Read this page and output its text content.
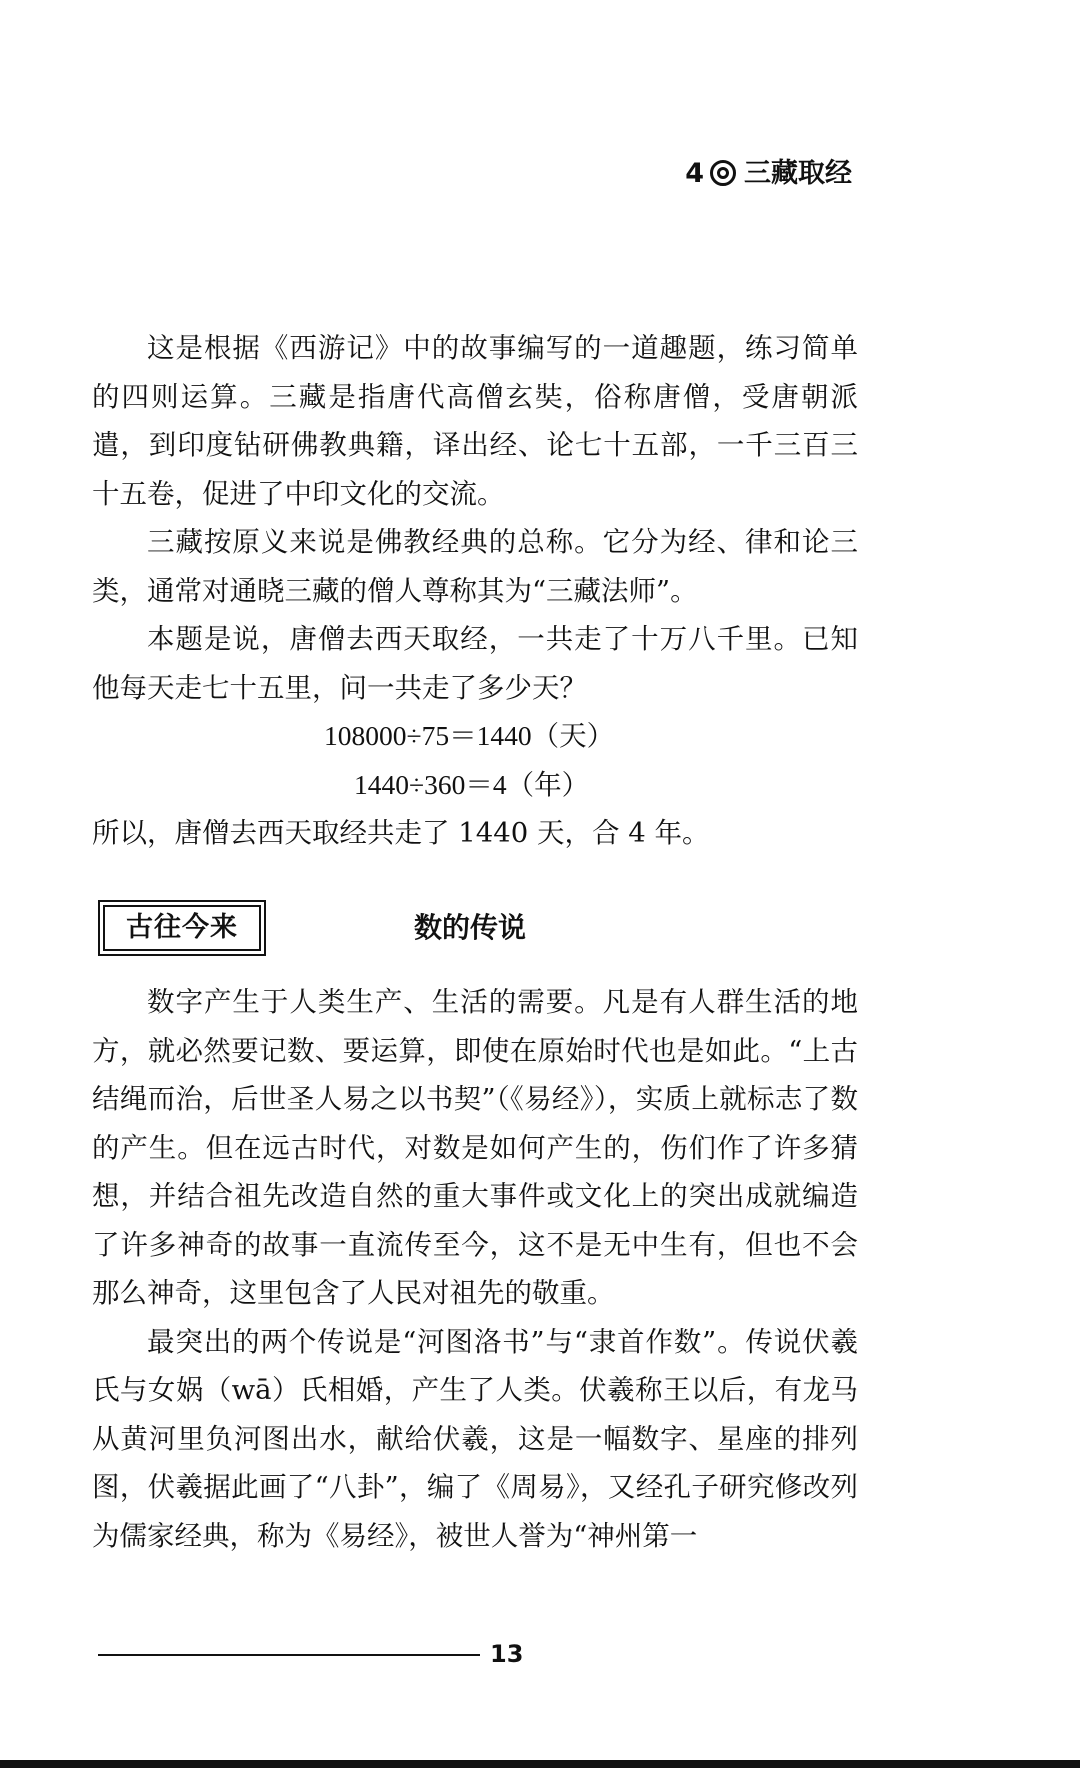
4 三藏取经

这是根据《西游记》中的故事编写的一道趣题，练习简单的四则运算。三藏是指唐代高僧玄奘，俗称唐僧，受唐朝派遣，到印度钻研佛教典籍，译出经、论七十五部，一千三百三十五卷，促进了中印文化的交流。

三藏按原义来说是佛教经典的总称。它分为经、律和论三类，通常对通晓三藏的僧人尊称其为“三藏法师”。

本题是说，唐僧去西天取经，一共走了十万八千里。已知他每天走七十五里，问一共走了多少天？

108000÷75＝1440（天）

1440÷360＝4（年）

所以，唐僧去西天取经共走了 1440 天，合 4 年。

古往今来	数的传说

数字产生于人类生产、生活的需要。凡是有人群生活的地方，就必然要记数、要运算，即使在原始时代也是如此。“上古结绳而治，后世圣人易之以书契”（《易经》），实质上就标志了数的产生。但在远古时代，对数是如何产生的，伤们作了许多猜想，并结合祖先改造自然的重大事件或文化上的突出成就编造了许多神奇的故事一直流传至今，这不是无中生有，但也不会那么神奇，这里包含了人民对祖先的敬重。

最突出的两个传说是“河图洛书”与“隶首作数”。传说伏羲氏与女娲（wā）氏相婚，产生了人类。伏羲称王以后，有龙马从黄河里负河图出水，献给伏羲，这是一幅数字、星座的排列图，伏羲据此画了“八卦”，编了《周易》，又经孔子研究修改列为儒家经典，称为《易经》，被世人誉为“神州第一

13
